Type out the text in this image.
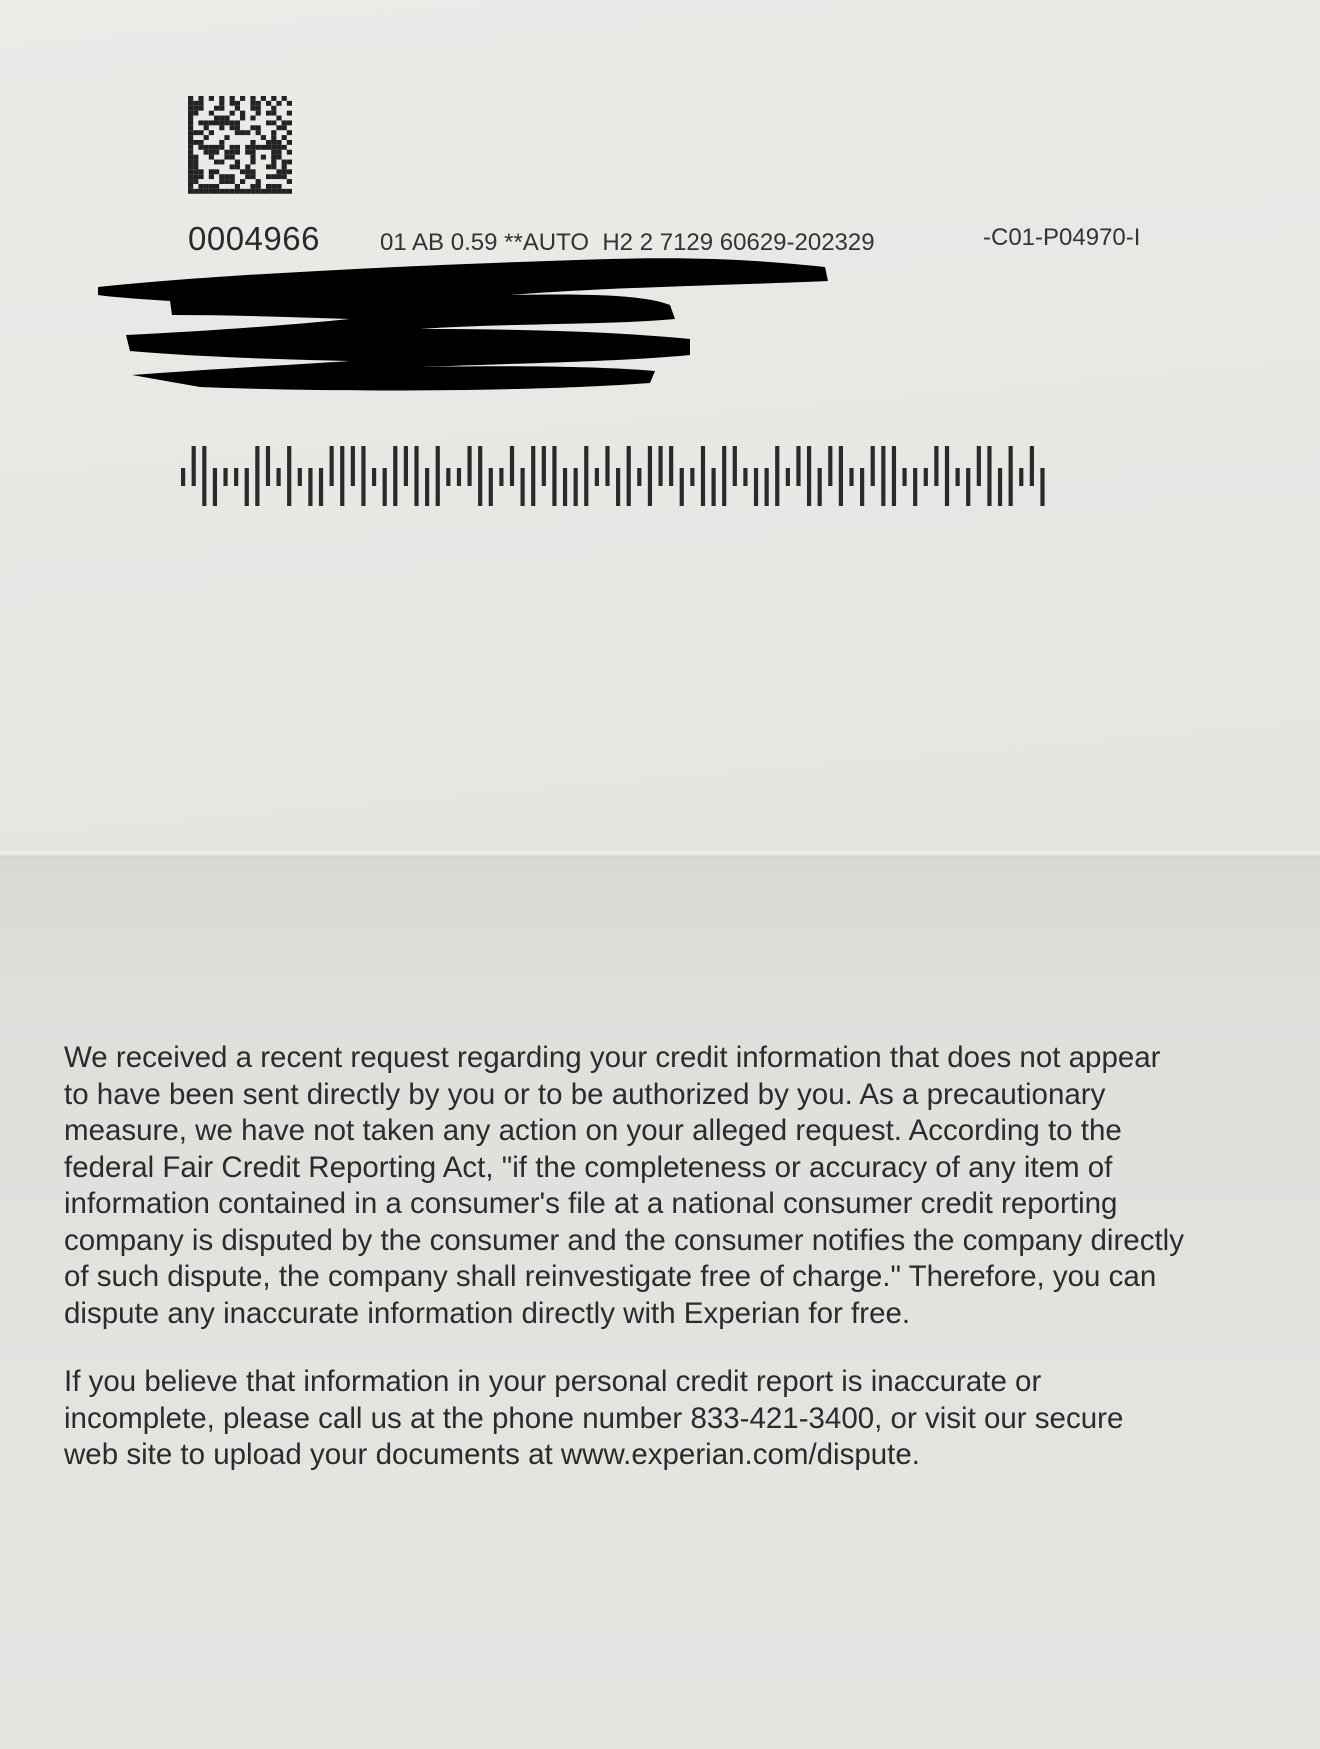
0004966	01 AB 0.59 **AUTO  H2 2 7129 60629-202329	-C01-P04970-I

We received a recent request regarding your credit information that does not appear to have been sent directly by you or to be authorized by you. As a precautionary measure, we have not taken any action on your alleged request. According to the federal Fair Credit Reporting Act, "if the completeness or accuracy of any item of information contained in a consumer's file at a national consumer credit reporting company is disputed by the consumer and the consumer notifies the company directly of such dispute, the company shall reinvestigate free of charge." Therefore, you can dispute any inaccurate information directly with Experian for free.

If you believe that information in your personal credit report is inaccurate or incomplete, please call us at the phone number 833-421-3400, or visit our secure web site to upload your documents at www.experian.com/dispute.
